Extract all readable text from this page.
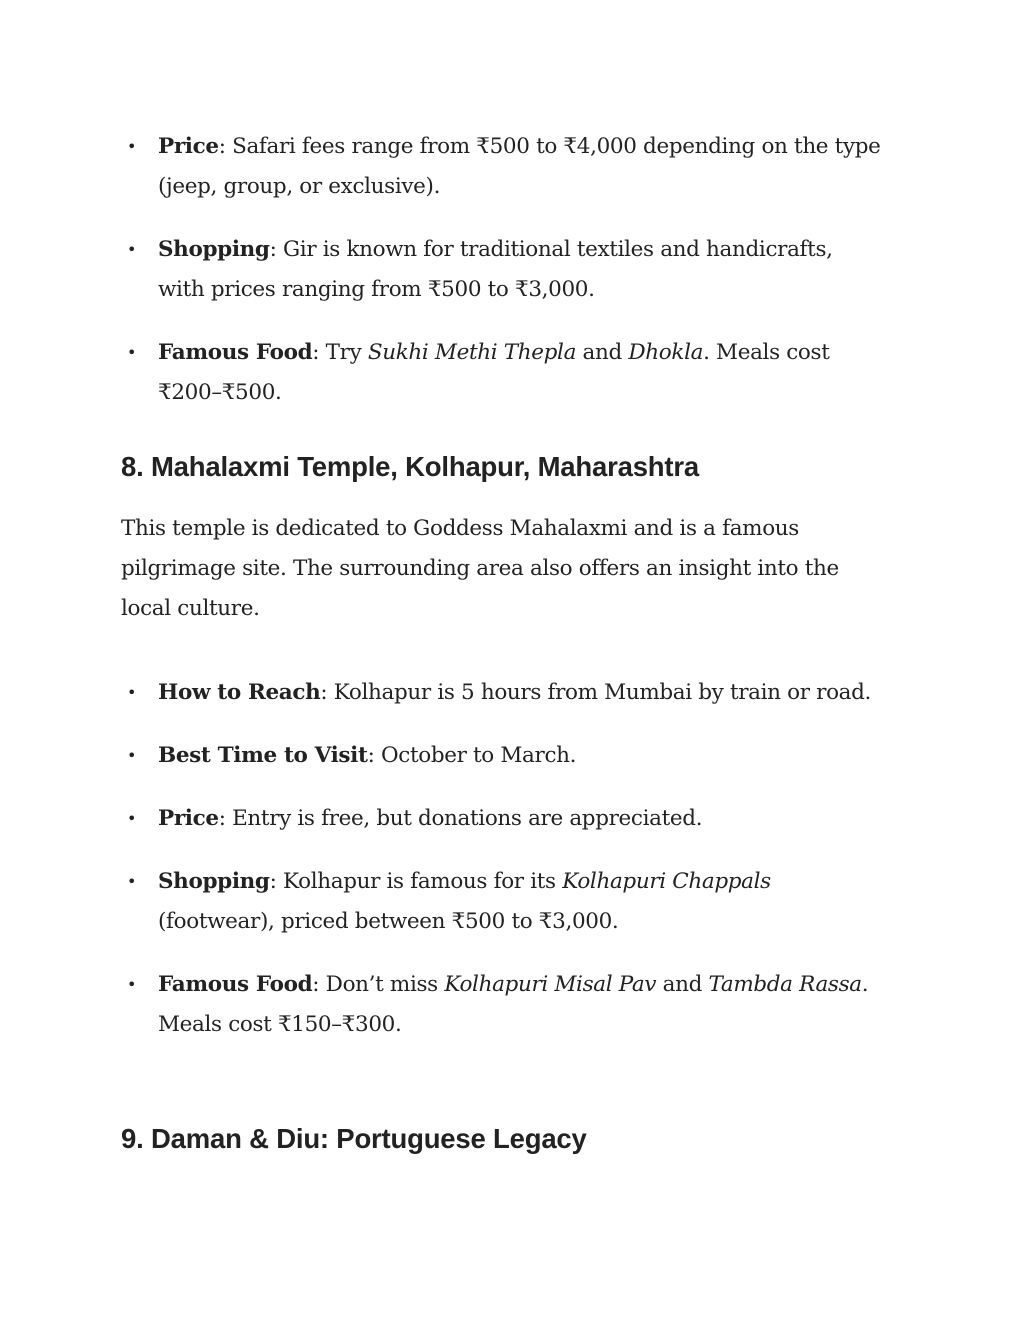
• Price: Safari fees range from ₹500 to ₹4,000 depending on the type (jeep, group, or exclusive).
• Shopping: Gir is known for traditional textiles and handicrafts, with prices ranging from ₹500 to ₹3,000.
• Famous Food: Try Sukhi Methi Thepla and Dhokla. Meals cost ₹200–₹500.
8. Mahalaxmi Temple, Kolhapur, Maharashtra

This temple is dedicated to Goddess Mahalaxmi and is a famous pilgrimage site. The surrounding area also offers an insight into the local culture.

• How to Reach: Kolhapur is 5 hours from Mumbai by train or road.
• Best Time to Visit: October to March.
• Price: Entry is free, but donations are appreciated.
• Shopping: Kolhapur is famous for its Kolhapuri Chappals (footwear), priced between ₹500 to ₹3,000.
• Famous Food: Don’t miss Kolhapuri Misal Pav and Tambda Rassa. Meals cost ₹150–₹300.
9. Daman & Diu: Portuguese Legacy
